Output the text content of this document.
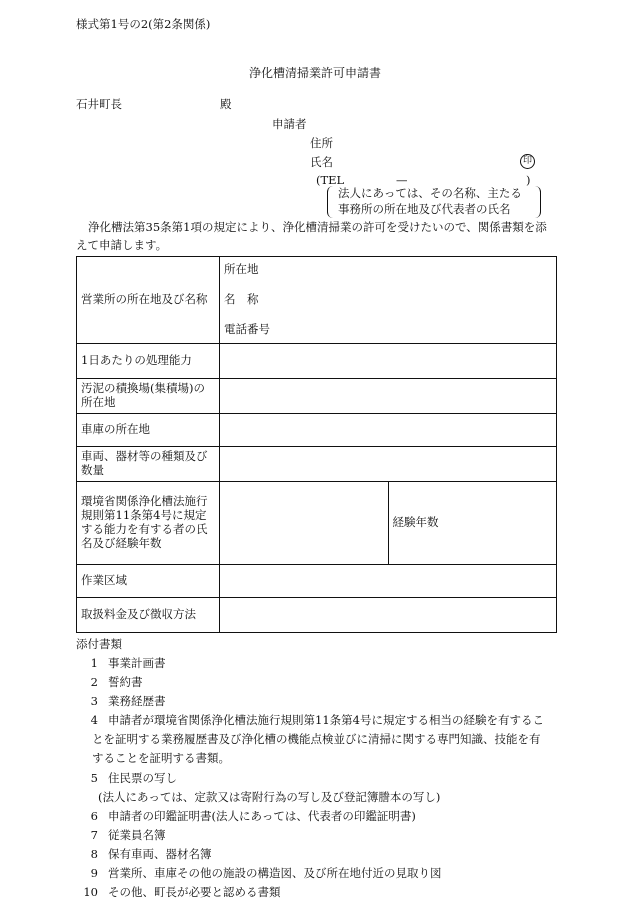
様式第1号の2(第2条関係)
浄化槽清掃業許可申請書
石井町長	殿
申請者
住所
氏名	印
(TEL	—	)
法人にあっては、その名称、主たる
事務所の所在地及び代表者の氏名
浄化槽法第35条第1項の規定により、浄化槽清掃業の許可を受けたいので、関係書類を添
えて申請します。
営業所の所在地及び名称	所在地
名　称
電話番号	

1日あたりの処理能力		
汚泥の積換場(集積場)の所在地		
車庫の所在地		
車両、器材等の種類及び数量		
環境省関係浄化槽法施行規則第11条第4号に規定する能力を有する者の氏名及び経験年数		経験年数
作業区域		
取扱料金及び徴収方法		
添付書類
1 事業計画書
2 誓約書
3 業務経歴書
4 申請者が環境省関係浄化槽法施行規則第11条第4号に規定する相当の経験を有するこ
とを証明する業務履歴書及び浄化槽の機能点検並びに清掃に関する専門知識、技能を有
することを証明する書類。
5 住民票の写し
(法人にあっては、定款又は寄附行為の写し及び登記簿謄本の写し)
6 申請者の印鑑証明書(法人にあっては、代表者の印鑑証明書)
7 従業員名簿
8 保有車両、器材名簿
9 営業所、車庫その他の施設の構造図、及び所在地付近の見取り図
10 その他、町長が必要と認める書類
